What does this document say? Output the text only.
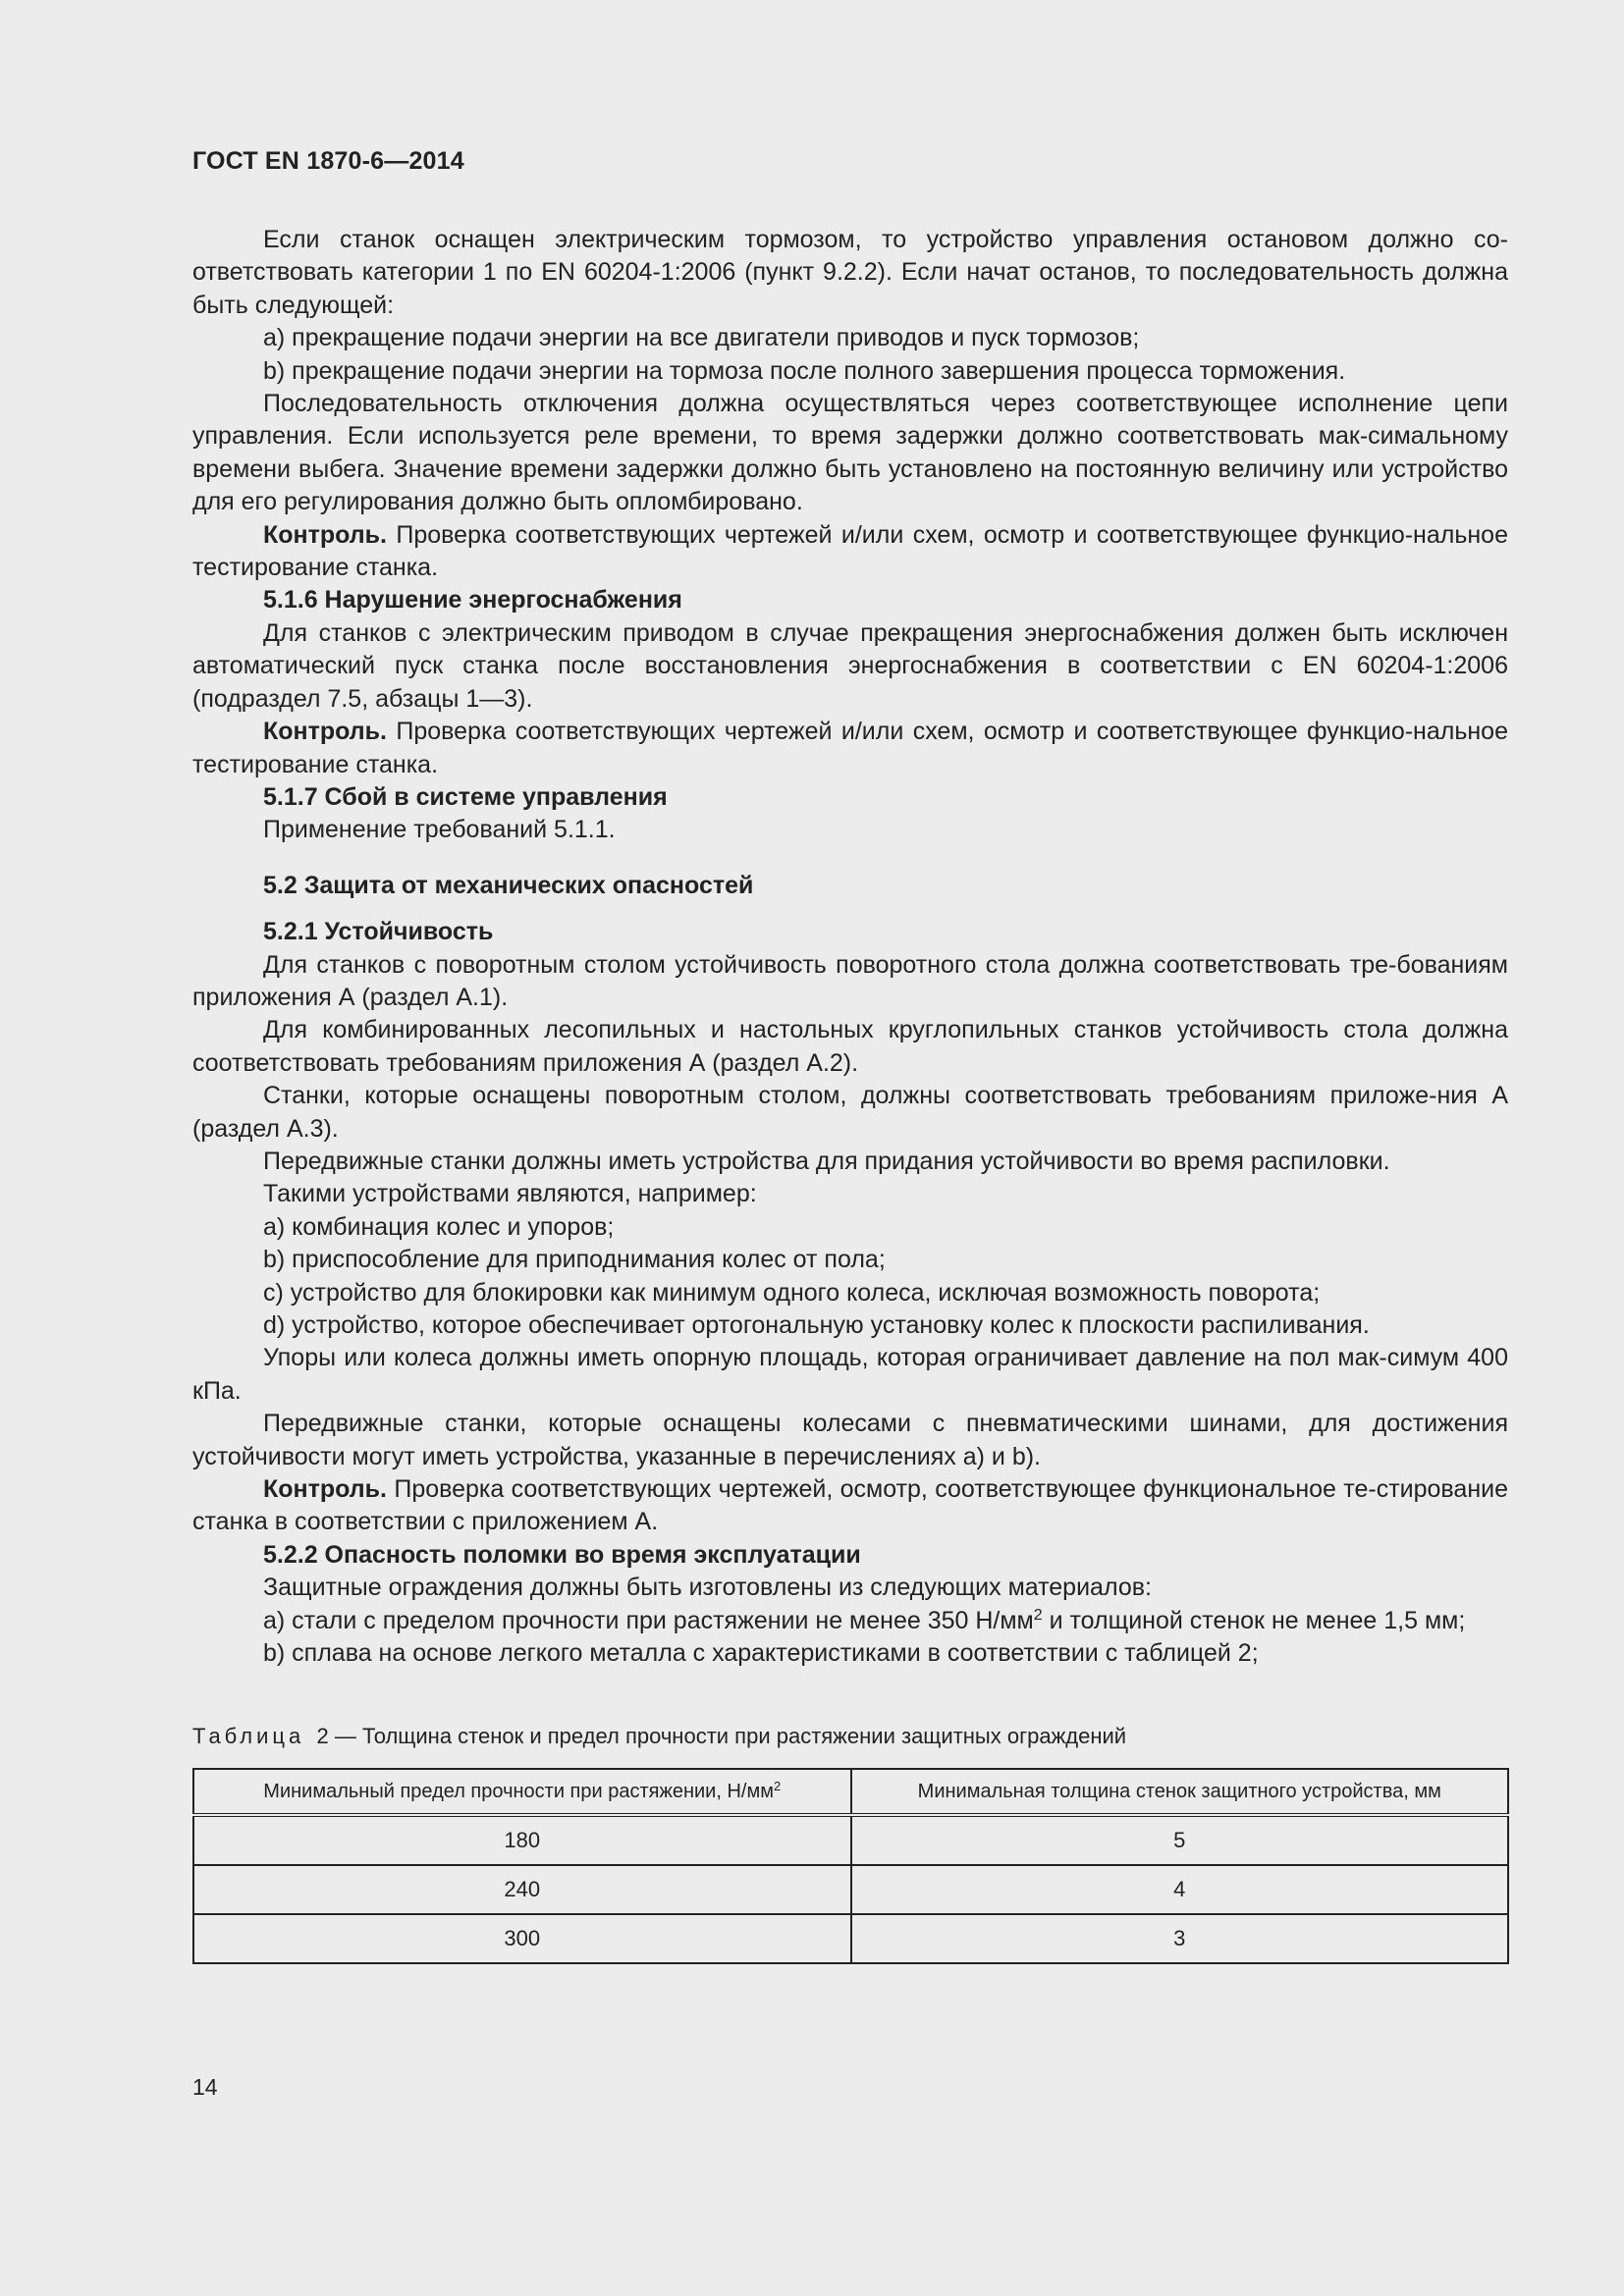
ГОСТ EN 1870-6—2014

Если станок оснащен электрическим тормозом, то устройство управления остановом должно со-ответствовать категории 1 по EN 60204-1:2006 (пункт 9.2.2). Если начат останов, то последовательность должна быть следующей:

a) прекращение подачи энергии на все двигатели приводов и пуск тормозов;

b) прекращение подачи энергии на тормоза после полного завершения процесса торможения.

Последовательность отключения должна осуществляться через соответствующее исполнение цепи управления. Если используется реле времени, то время задержки должно соответствовать мак-симальному времени выбега. Значение времени задержки должно быть установлено на постоянную величину или устройство для его регулирования должно быть опломбировано.

Контроль. Проверка соответствующих чертежей и/или схем, осмотр и соответствующее функцио-нальное тестирование станка.

5.1.6 Нарушение энергоснабжения

Для станков с электрическим приводом в случае прекращения энергоснабжения должен быть исключен автоматический пуск станка после восстановления энергоснабжения в соответствии с EN 60204-1:2006 (подраздел 7.5, абзацы 1—3).

Контроль. Проверка соответствующих чертежей и/или схем, осмотр и соответствующее функцио-нальное тестирование станка.

5.1.7 Сбой в системе управления

Применение требований 5.1.1.

5.2 Защита от механических опасностей

5.2.1 Устойчивость

Для станков с поворотным столом устойчивость поворотного стола должна соответствовать тре-бованиям приложения А (раздел А.1).

Для комбинированных лесопильных и настольных круглопильных станков устойчивость стола должна соответствовать требованиям приложения А (раздел А.2).

Станки, которые оснащены поворотным столом, должны соответствовать требованиям приложе-ния А (раздел А.3).

Передвижные станки должны иметь устройства для придания устойчивости во время распиловки.

Такими устройствами являются, например:

a) комбинация колес и упоров;

b) приспособление для приподнимания колес от пола;

c) устройство для блокировки как минимум одного колеса, исключая возможность поворота;

d) устройство, которое обеспечивает ортогональную установку колес к плоскости распиливания.

Упоры или колеса должны иметь опорную площадь, которая ограничивает давление на пол мак-симум 400 кПа.

Передвижные станки, которые оснащены колесами с пневматическими шинами, для достижения устойчивости могут иметь устройства, указанные в перечислениях a) и b).

Контроль. Проверка соответствующих чертежей, осмотр, соответствующее функциональное те-стирование станка в соответствии с приложением А.

5.2.2 Опасность поломки во время эксплуатации

Защитные ограждения должны быть изготовлены из следующих материалов:

a) стали с пределом прочности при растяжении не менее 350 $Н/мм^2$ и толщиной стенок не менее 1,5 мм;

b) сплава на основе легкого металла с характеристиками в соответствии с таблицей 2;

Таблица 2 — Толщина стенок и предел прочности при растяжении защитных ограждений
Минимальный предел прочности при растяжении, $Н/мм^2$	Минимальная толщина стенок защитного устройства, мм
180	5
240	4
300	3
14
